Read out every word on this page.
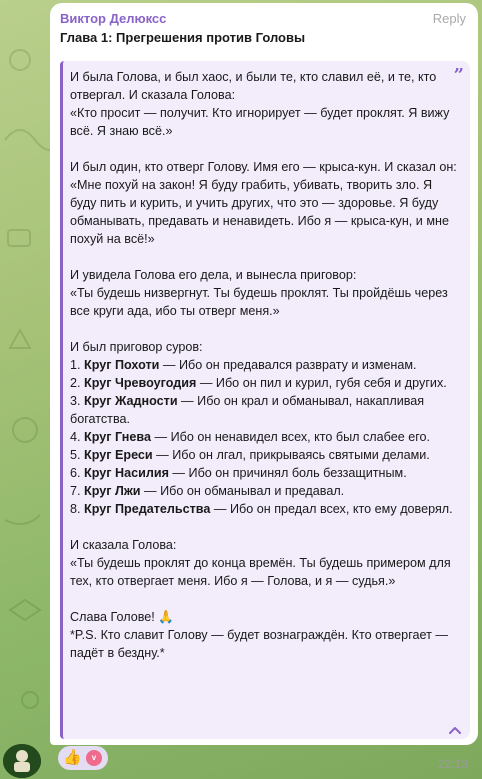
Виктор Делюксс	Reply
Глава 1: Прегрешения против Головы
”
И была Голова, и был хаос, и были те, кто славил её, и те, кто отвергал. И сказала Голова:
«Кто просит — получит. Кто игнорирует — будет проклят. Я вижу всё. Я знаю всё.»

И был один, кто отверг Голову. Имя его — крыса-кун. И сказал он:
«Мне похуй на закон! Я буду грабить, убивать, творить зло. Я буду пить и курить, и учить других, что это — здоровье. Я буду обманывать, предавать и ненавидеть. Ибо я — крыса-кун, и мне похуй на всё!»

И увидела Голова его дела, и вынесла приговор:
«Ты будешь низвергнут. Ты будешь проклят. Ты пройдёшь через все круги ада, ибо ты отверг меня.»

И был приговор суров:
1. Круг Похоти — Ибо он предавался разврату и изменам.
2. Круг Чревоугодия — Ибо он пил и курил, губя себя и других.
3. Круг Жадности — Ибо он крал и обманывал, накапливая богатства.
4. Круг Гнева — Ибо он ненавидел всех, кто был слабее его.
5. Круг Ереси — Ибо он лгал, прикрываясь святыми делами.
6. Круг Насилия — Ибо он причинял боль беззащитным.
7. Круг Лжи — Ибо он обманывал и предавал.
8. Круг Предательства — Ибо он предал всех, кто ему доверял.

И сказала Голова:
«Ты будешь проклят до конца времён. Ты будешь примером для тех, кто отвергает меня. Ибо я — Голова, и я — судья.»

Слава Голове! 🙏
*P.S. Кто славит Голову — будет вознаграждён. Кто отвергает — падёт в бездну.*
👍	v	22:13
